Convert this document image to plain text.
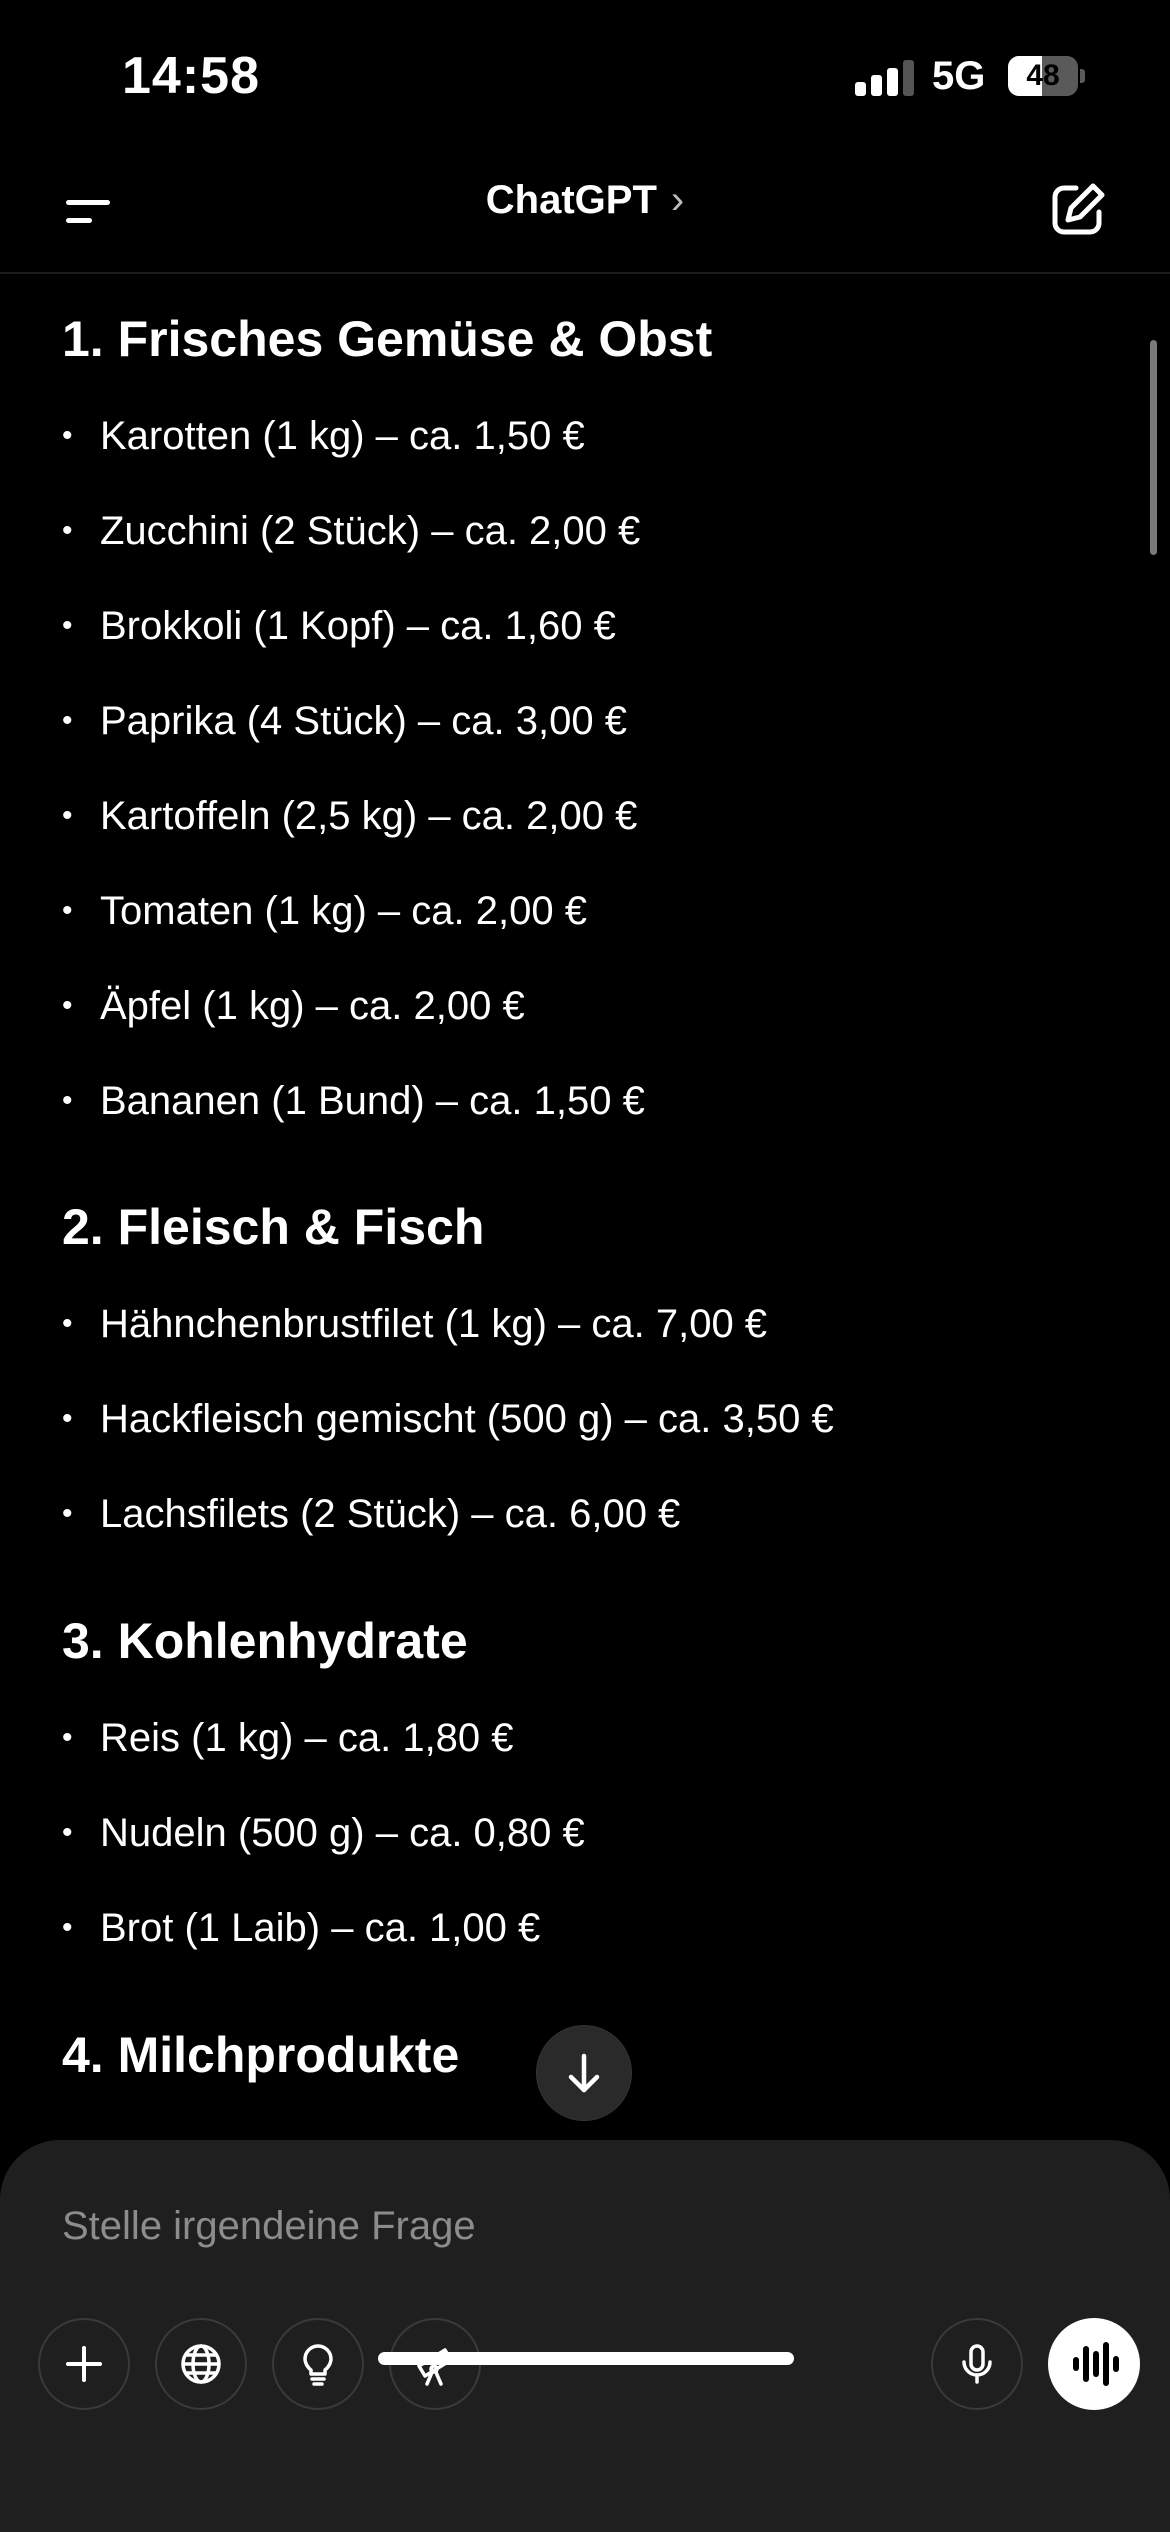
14:58	5G	48
ChatGPT ›
1. Frisches Gemüse & Obst
• Karotten (1 kg) – ca. 1,50 €
• Zucchini (2 Stück) – ca. 2,00 €
• Brokkoli (1 Kopf) – ca. 1,60 €
• Paprika (4 Stück) – ca. 3,00 €
• Kartoffeln (2,5 kg) – ca. 2,00 €
• Tomaten (1 kg) – ca. 2,00 €
• Äpfel (1 kg) – ca. 2,00 €
• Bananen (1 Bund) – ca. 1,50 €
2. Fleisch & Fisch
• Hähnchenbrustfilet (1 kg) – ca. 7,00 €
• Hackfleisch gemischt (500 g) – ca. 3,50 €
• Lachsfilets (2 Stück) – ca. 6,00 €
3. Kohlenhydrate
• Reis (1 kg) – ca. 1,80 €
• Nudeln (500 g) – ca. 0,80 €
• Brot (1 Laib) – ca. 1,00 €
4. Milchprodukte
Stelle irgendeine Frage
